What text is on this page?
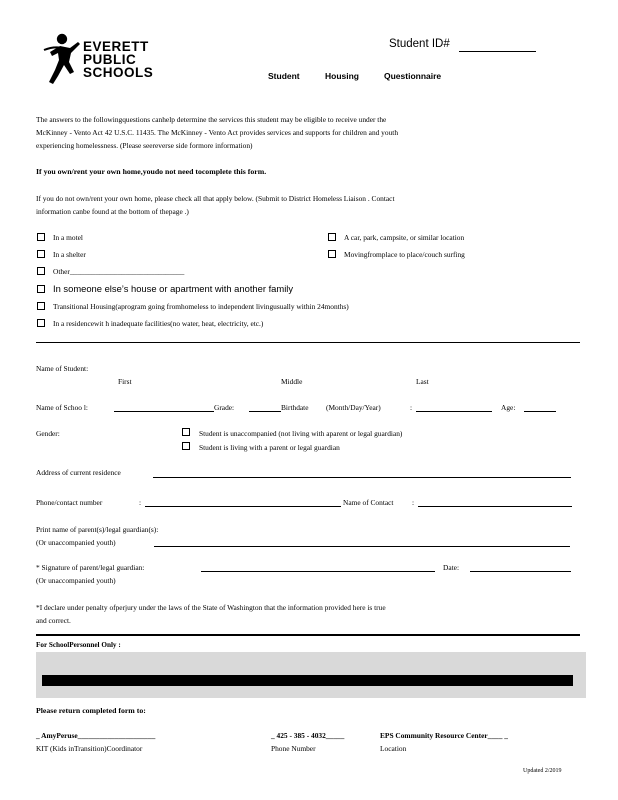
EVERETT
PUBLIC
SCHOOLS
Student ID#
Student	Housing	Questionnaire
The answers to the followingquestions canhelp determine the services this student may be eligible to receive under the
McKinney - Vento Act 42 U.S.C. 11435. The McKinney - Vento Act provides services and supports for children and youth
experiencing homelessness. (Please seereverse side formore information)
If you own/rent your own home,youdo not need tocomplete this form.
If you do not own/rent your own home, please check all that apply below. (Submit to District Homeless Liaison . Contact
information canbe found at the bottom of thepage .)
In a motel	A car, park, campsite, or similar location
In a shelter	Movingfromplace to place/couch surfing
Other_______________________________
In someone else’s house or apartment with another family
Transitional Housing(aprogram going fromhomeless to independent livingusually within 24months)
In a residencewit h inadequate facilities(no water, heat, electricity, etc.)
Name of Student:
First	Middle	Last
Name of Schoo l:	Grade:	Birthdate (Month/Day/Year)	:	Age:
Gender:	Student is unaccompanied (not living with aparent or legal guardian)
Student is living with a parent or legal guardian
Address of current residence
Phone/contact number	:	Name of Contact	:
Print name of parent(s)/legal guardian(s):
(Or unaccompanied youth)
* Signature of parent/legal guardian:
(Or unaccompanied youth)
Date:
*I declare under penalty ofperjury under the laws of the State of Washington that the information provided here is true
and correct.
For SchoolPersonnel Only :
Please return completed form to:
_ AmyPeruse_____________________
KIT (Kids inTransition)Coordinator
_ 425 - 385 - 4032_____
Phone Number
EPS Community Resource Center____ _
Location
Updated 2/2019
